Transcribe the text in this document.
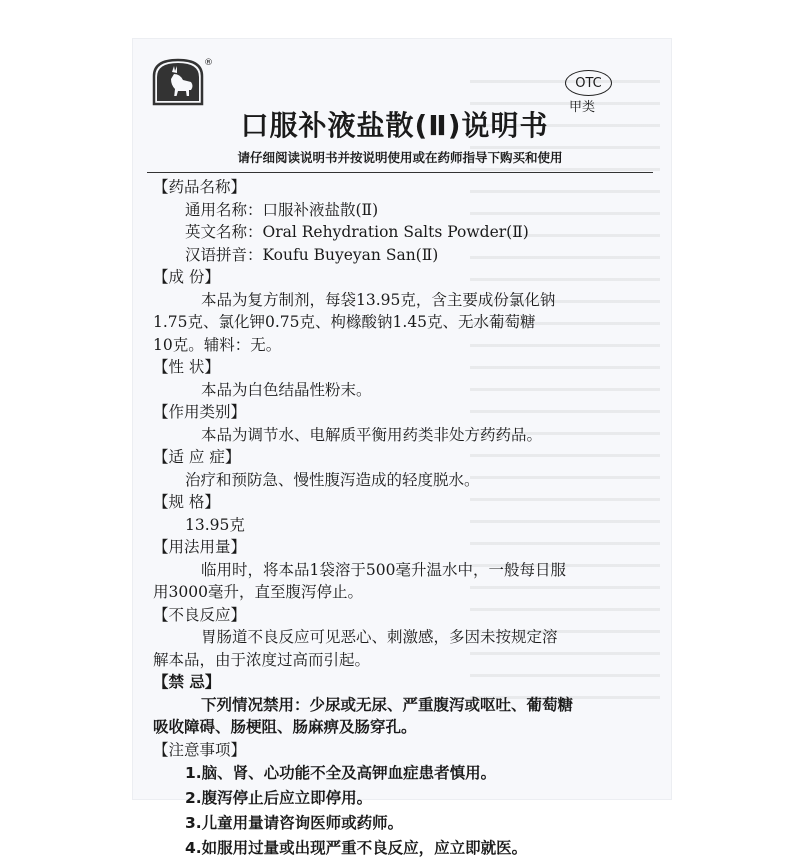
®
OTC
甲类
口服补液盐散(Ⅱ)说明书
请仔细阅读说明书并按说明使用或在药师指导下购买和使用
【药品名称】
通用名称：口服补液盐散(Ⅱ)
英文名称：Oral Rehydration Salts Powder(Ⅱ)
汉语拼音：Koufu Buyeyan San(Ⅱ)
【成 份】
本品为复方制剂，每袋13.95克，含主要成份氯化钠
1.75克、氯化钾0.75克、枸橼酸钠1.45克、无水葡萄糖
10克。辅料：无。
【性 状】
本品为白色结晶性粉末。
【作用类别】
本品为调节水、电解质平衡用药类非处方药药品。
【适 应 症】
治疗和预防急、慢性腹泻造成的轻度脱水。
【规 格】
13.95克
【用法用量】
临用时，将本品1袋溶于500毫升温水中，一般每日服
用3000毫升，直至腹泻停止。
【不良反应】
胃肠道不良反应可见恶心、刺激感，多因未按规定溶
解本品，由于浓度过高而引起。
【禁 忌】
下列情况禁用：少尿或无尿、严重腹泻或呕吐、葡萄糖
吸收障碍、肠梗阻、肠麻痹及肠穿孔。
【注意事项】
1.脑、肾、心功能不全及高钾血症患者慎用。
2.腹泻停止后应立即停用。
3.儿童用量请咨询医师或药师。
4.如服用过量或出现严重不良反应，应立即就医。
